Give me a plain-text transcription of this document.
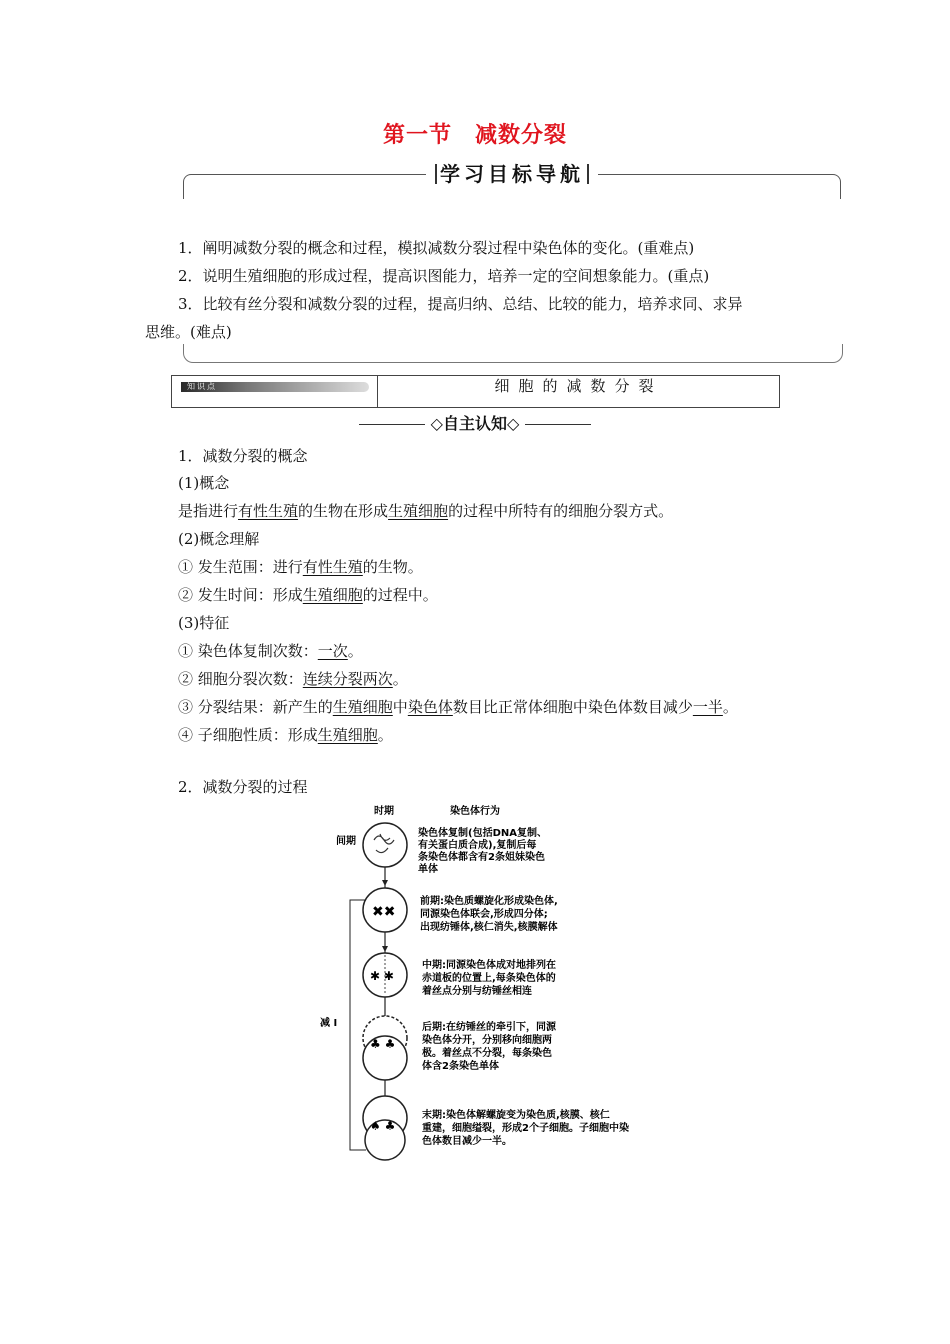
第一节　减数分裂
学习目标导航
1．阐明减数分裂的概念和过程，模拟减数分裂过程中染色体的变化。(重难点)
2．说明生殖细胞的形成过程，提高识图能力，培养一定的空间想象能力。(重点)
3．比较有丝分裂和减数分裂的过程，提高归纳、总结、比较的能力，培养求同、求异
思维。(难点)
知识点	细胞的减数分裂
◇自主认知◇
1．减数分裂的概念
(1)概念
是指进行有性生殖的生物在形成生殖细胞的过程中所特有的细胞分裂方式。
(2)概念理解
① 发生范围：进行有性生殖的生物。
② 发生时间：形成生殖细胞的过程中。
(3)特征
① 染色体复制次数：一次。
② 细胞分裂次数：连续分裂两次。
③ 分裂结果：新产生的生殖细胞中染色体数目比正常体细胞中染色体数目减少一半。
④ 子细胞性质：形成生殖细胞。
2．减数分裂的过程
时期	染色体行为
间期
减 I
✖✖
✱ ✱
♣ ♣
♠ ♣
染色体复制(包括DNA复制、
有关蛋白质合成),复制后每
条染色体都含有2条姐妹染色
单体
前期:染色质螺旋化形成染色体,
同源染色体联会,形成四分体;
出现纺锤体,核仁消失,核膜解体
中期:同源染色体成对地排列在
赤道板的位置上,每条染色体的
着丝点分别与纺锤丝相连
后期:在纺锤丝的牵引下，同源
染色体分开，分别移向细胞两
极。着丝点不分裂，每条染色
体含2条染色单体
末期:染色体解螺旋变为染色质,核膜、核仁
重建，细胞缢裂，形成2个子细胞。子细胞中染
色体数目减少一半。
